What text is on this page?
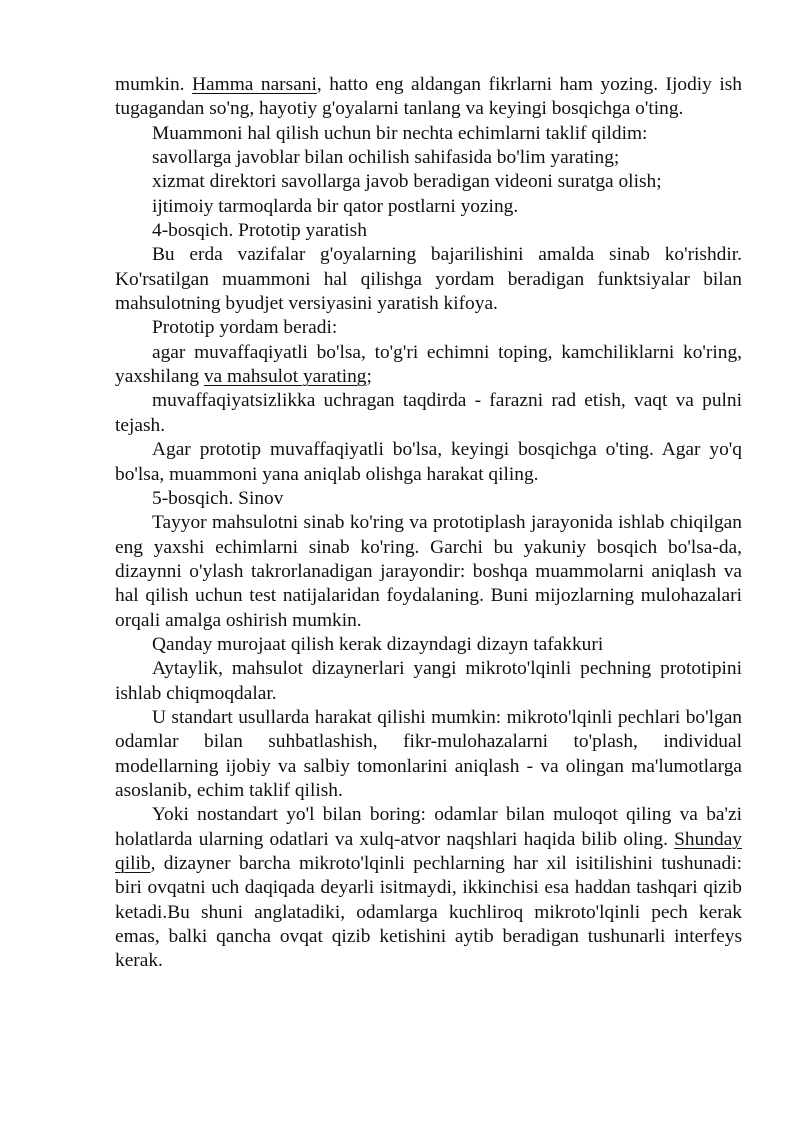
mumkin. Hamma narsani, hatto eng aldangan fikrlarni ham yozing. Ijodiy ish tugagandan so'ng, hayotiy g'oyalarni tanlang va keyingi bosqichga o'ting.

Muammoni hal qilish uchun bir nechta echimlarni taklif qildim:

savollarga javoblar bilan ochilish sahifasida bo'lim yarating;

xizmat direktori savollarga javob beradigan videoni suratga olish;

ijtimoiy tarmoqlarda bir qator postlarni yozing.

4-bosqich. Prototip yaratish

Bu erda vazifalar g'oyalarning bajarilishini amalda sinab ko'rishdir. Ko'rsatilgan muammoni hal qilishga yordam beradigan funktsiyalar bilan mahsulotning byudjet versiyasini yaratish kifoya.

Prototip yordam beradi:

agar muvaffaqiyatli bo'lsa, to'g'ri echimni toping, kamchiliklarni ko'ring, yaxshilang va mahsulot yarating;

muvaffaqiyatsizlikka uchragan taqdirda - farazni rad etish, vaqt va pulni tejash.

Agar prototip muvaffaqiyatli bo'lsa, keyingi bosqichga o'ting. Agar yo'q bo'lsa, muammoni yana aniqlab olishga harakat qiling.

5-bosqich. Sinov

Tayyor mahsulotni sinab ko'ring va prototiplash jarayonida ishlab chiqilgan eng yaxshi echimlarni sinab ko'ring. Garchi bu yakuniy bosqich bo'lsa-da, dizaynni o'ylash takrorlanadigan jarayondir: boshqa muammolarni aniqlash va hal qilish uchun test natijalaridan foydalaning. Buni mijozlarning mulohazalari orqali amalga oshirish mumkin.

Qanday murojaat qilish kerak dizayndagi dizayn tafakkuri

Aytaylik, mahsulot dizaynerlari yangi mikroto'lqinli pechning prototipini ishlab chiqmoqdalar.

U standart usullarda harakat qilishi mumkin: mikroto'lqinli pechlari bo'lgan odamlar bilan suhbatlashish, fikr-mulohazalarni to'plash, individual modellarning ijobiy va salbiy tomonlarini aniqlash - va olingan ma'lumotlarga asoslanib, echim taklif qilish.

Yoki nostandart yo'l bilan boring: odamlar bilan muloqot qiling va ba'zi holatlarda ularning odatlari va xulq-atvor naqshlari haqida bilib oling. Shunday qilib, dizayner barcha mikroto'lqinli pechlarning har xil isitilishini tushunadi: biri ovqatni uch daqiqada deyarli isitmaydi, ikkinchisi esa haddan tashqari qizib ketadi.Bu shuni anglatadiki, odamlarga kuchliroq mikroto'lqinli pech kerak emas, balki qancha ovqat qizib ketishini aytib beradigan tushunarli interfeys kerak.
